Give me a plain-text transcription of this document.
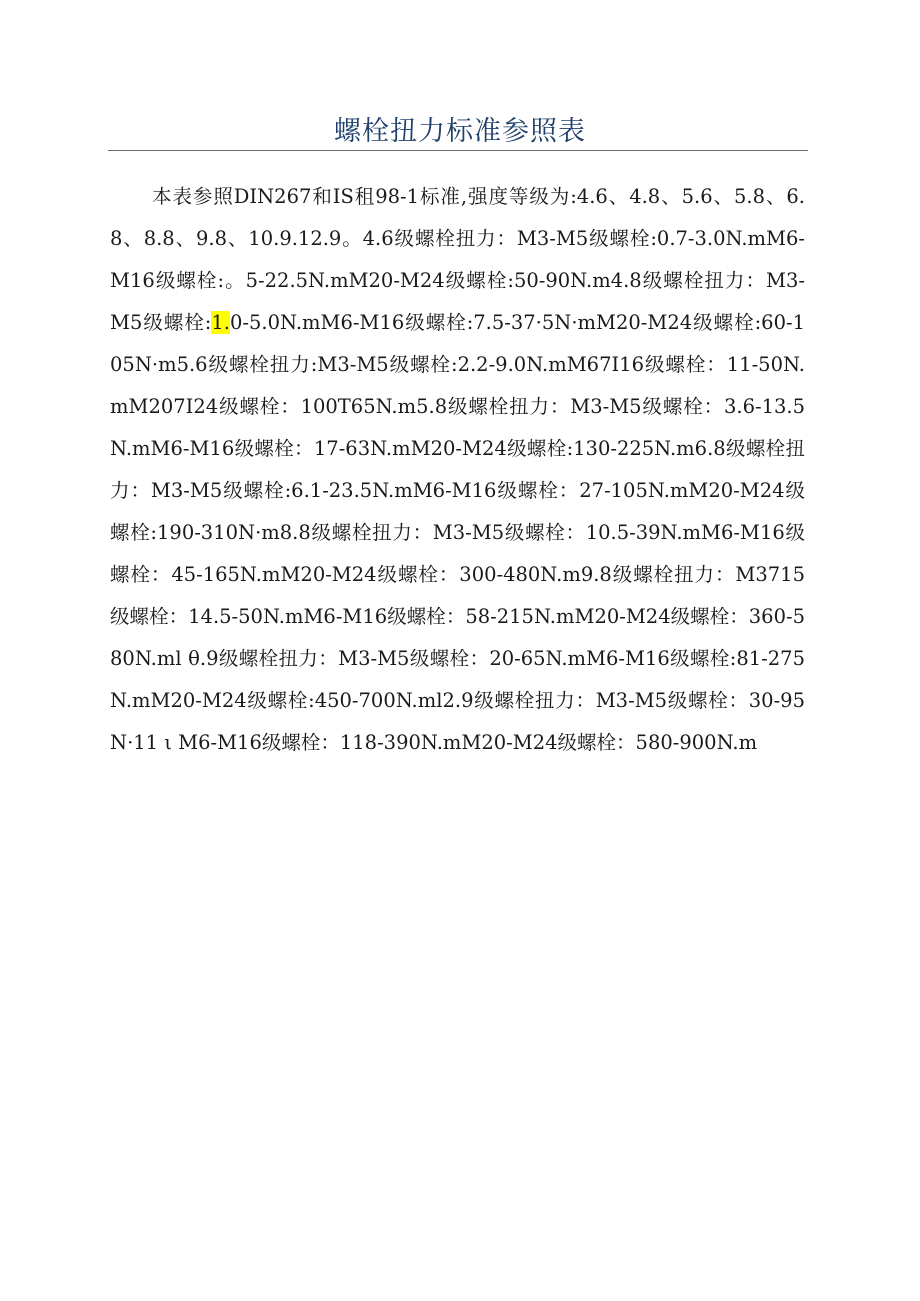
螺栓扭力标准参照表

本表参照DIN267和IS租98-1标准,强度等级为:4.6、4.8、5.6、5.8、6.8、8.8、9.8、10.9.12.9。4.6级螺栓扭力：M3-M5级螺栓:0.7-3.0N.mM6-M16级螺栓:。5-22.5N.mM20-M24级螺栓:50-90N.m4.8级螺栓扭力：M3-M5级螺栓:1.0-5.0N.mM6-M16级螺栓:7.5-37·5N·mM20-M24级螺栓:60-105N·m5.6级螺栓扭力:M3-M5级螺栓:2.2-9.0N.mM67I16级螺栓：11-50N.mM207I24级螺栓：100T65N.m5.8级螺栓扭力：M3-M5级螺栓：3.6-13.5N.mM6-M16级螺栓：17-63N.mM20-M24级螺栓:130-225N.m6.8级螺栓扭力：M3-M5级螺栓:6.1-23.5N.mM6-M16级螺栓：27-105N.mM20-M24级螺栓:190-310N·m8.8级螺栓扭力：M3-M5级螺栓：10.5-39N.mM6-M16级螺栓：45-165N.mM20-M24级螺栓：300-480N.m9.8级螺栓扭力：M3715级螺栓：14.5-50N.mM6-M16级螺栓：58-215N.mM20-M24级螺栓：360-580N.ml θ.9级螺栓扭力：M3-M5级螺栓：20-65N.mM6-M16级螺栓:81-275N.mM20-M24级螺栓:450-700N.ml2.9级螺栓扭力：M3-M5级螺栓：30-95N·11 ι M6-M16级螺栓：118-390N.mM20-M24级螺栓：580-900N.m
